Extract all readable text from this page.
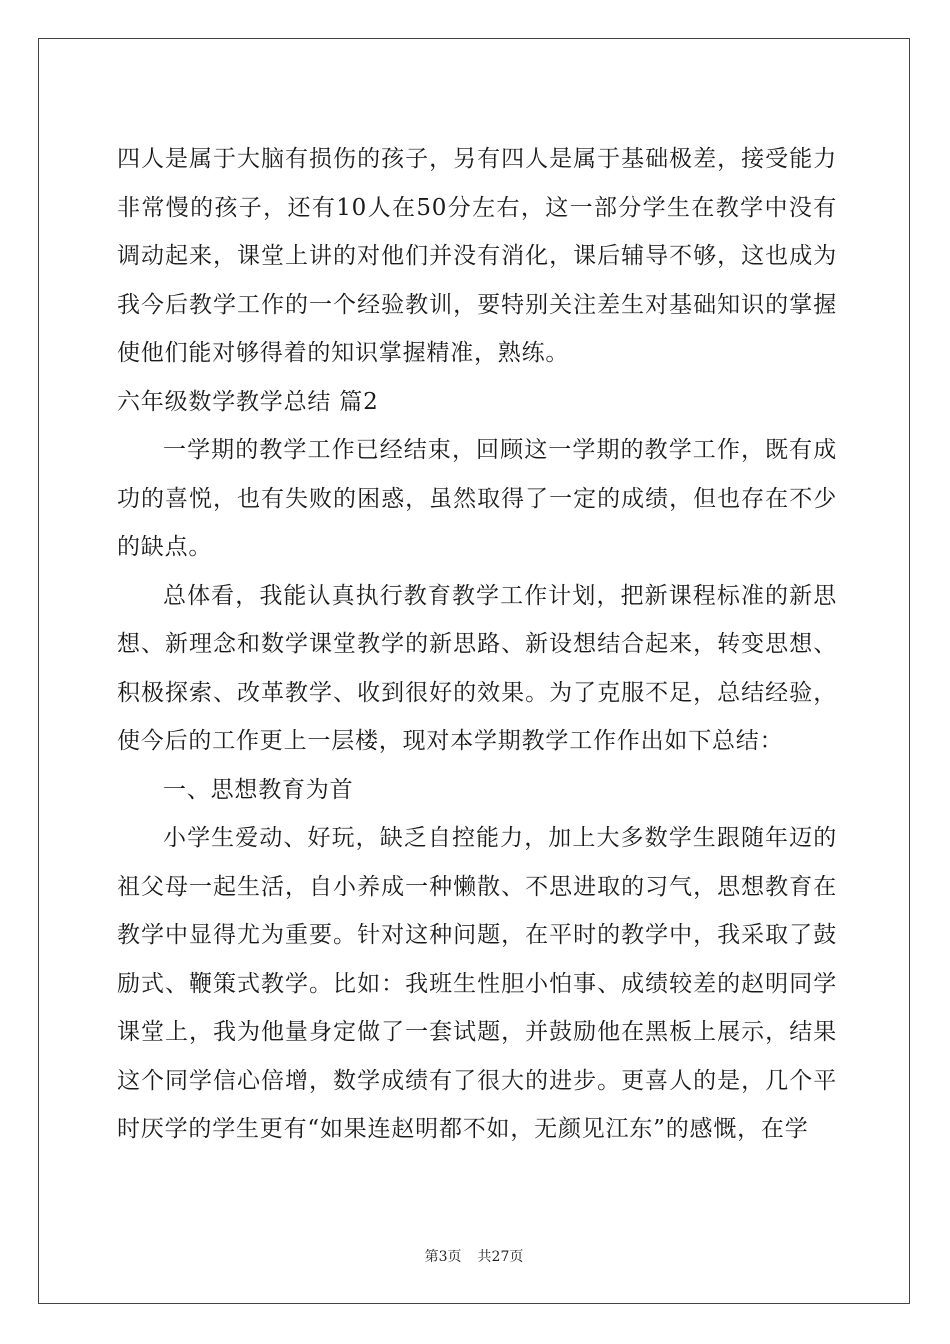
四人是属于大脑有损伤的孩子，另有四人是属于基础极差，接受能力非常慢的孩子，还有10人在50分左右，这一部分学生在教学中没有调动起来，课堂上讲的对他们并没有消化，课后辅导不够，这也成为我今后教学工作的一个经验教训，要特别关注差生对基础知识的掌握使他们能对够得着的知识掌握精准，熟练。

六年级数学教学总结 篇2

一学期的教学工作已经结束，回顾这一学期的教学工作，既有成功的喜悦，也有失败的困惑，虽然取得了一定的成绩，但也存在不少的缺点。

总体看，我能认真执行教育教学工作计划，把新课程标准的新思想、新理念和数学课堂教学的新思路、新设想结合起来，转变思想、积极探索、改革教学、收到很好的效果。为了克服不足，总结经验，使今后的工作更上一层楼，现对本学期教学工作作出如下总结：

一、思想教育为首

小学生爱动、好玩，缺乏自控能力，加上大多数学生跟随年迈的祖父母一起生活，自小养成一种懒散、不思进取的习气，思想教育在教学中显得尤为重要。针对这种问题，在平时的教学中，我采取了鼓励式、鞭策式教学。比如：我班生性胆小怕事、成绩较差的赵明同学课堂上，我为他量身定做了一套试题，并鼓励他在黑板上展示，结果这个同学信心倍增，数学成绩有了很大的进步。更喜人的是，几个平时厌学的学生更有“如果连赵明都不如，无颜见江东”的感慨，在学

第3页 共27页
